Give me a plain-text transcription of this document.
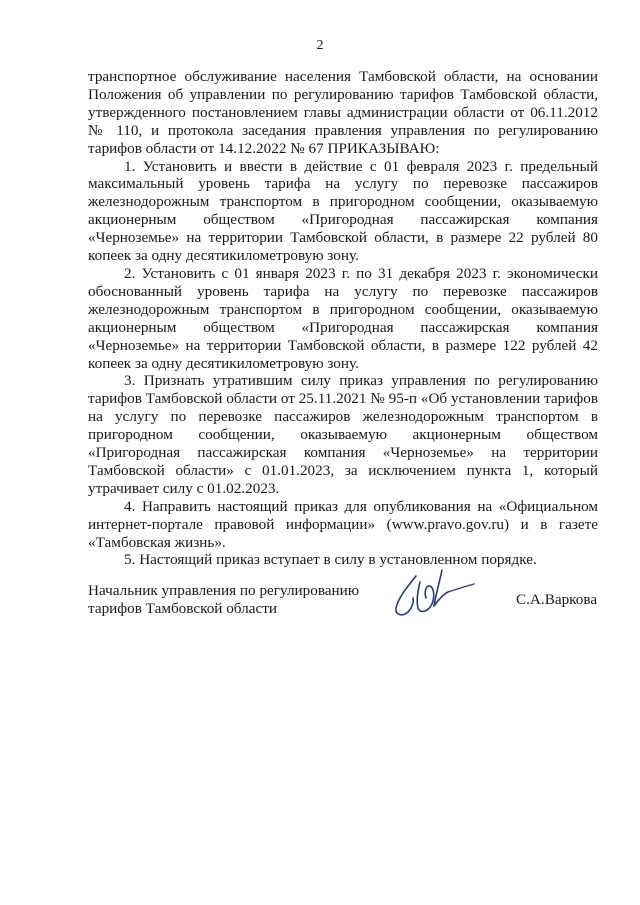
2

транспортное обслуживание населения Тамбовской области, на основании Положения об управлении по регулированию тарифов Тамбовской области, утвержденного постановлением главы администрации области от 06.11.2012 № 110, и протокола заседания правления управления по регулированию тарифов области от 14.12.2022 № 67 ПРИКАЗЫВАЮ:

1. Установить и ввести в действие с 01 февраля 2023 г. предельный максимальный уровень тарифа на услугу по перевозке пассажиров железнодорожным транспортом в пригородном сообщении, оказываемую акционерным обществом «Пригородная пассажирская компания «Черноземье» на территории Тамбовской области, в размере 22 рублей 80 копеек за одну десятикилометровую зону.

2. Установить с 01 января 2023 г. по 31 декабря 2023 г. экономически обоснованный уровень тарифа на услугу по перевозке пассажиров железнодорожным транспортом в пригородном сообщении, оказываемую акционерным обществом «Пригородная пассажирская компания «Черноземье» на территории Тамбовской области, в размере 122 рублей 42 копеек за одну десятикилометровую зону.

3. Признать утратившим силу приказ управления по регулированию тарифов Тамбовской области от 25.11.2021 № 95-п «Об установлении тарифов на услугу по перевозке пассажиров железнодорожным транспортом в пригородном сообщении, оказываемую акционерным обществом «Пригородная пассажирская компания «Черноземье» на территории Тамбовской области» с 01.01.2023, за исключением пункта 1, который утрачивает силу с 01.02.2023.

4. Направить настоящий приказ для опубликования на «Официальном интернет-портале правовой информации» (www.pravo.gov.ru) и в газете «Тамбовская жизнь».

5. Настоящий приказ вступает в силу в установленном порядке.

Начальник управления по регулированию
тарифов Тамбовской области
С.А.Варкова
